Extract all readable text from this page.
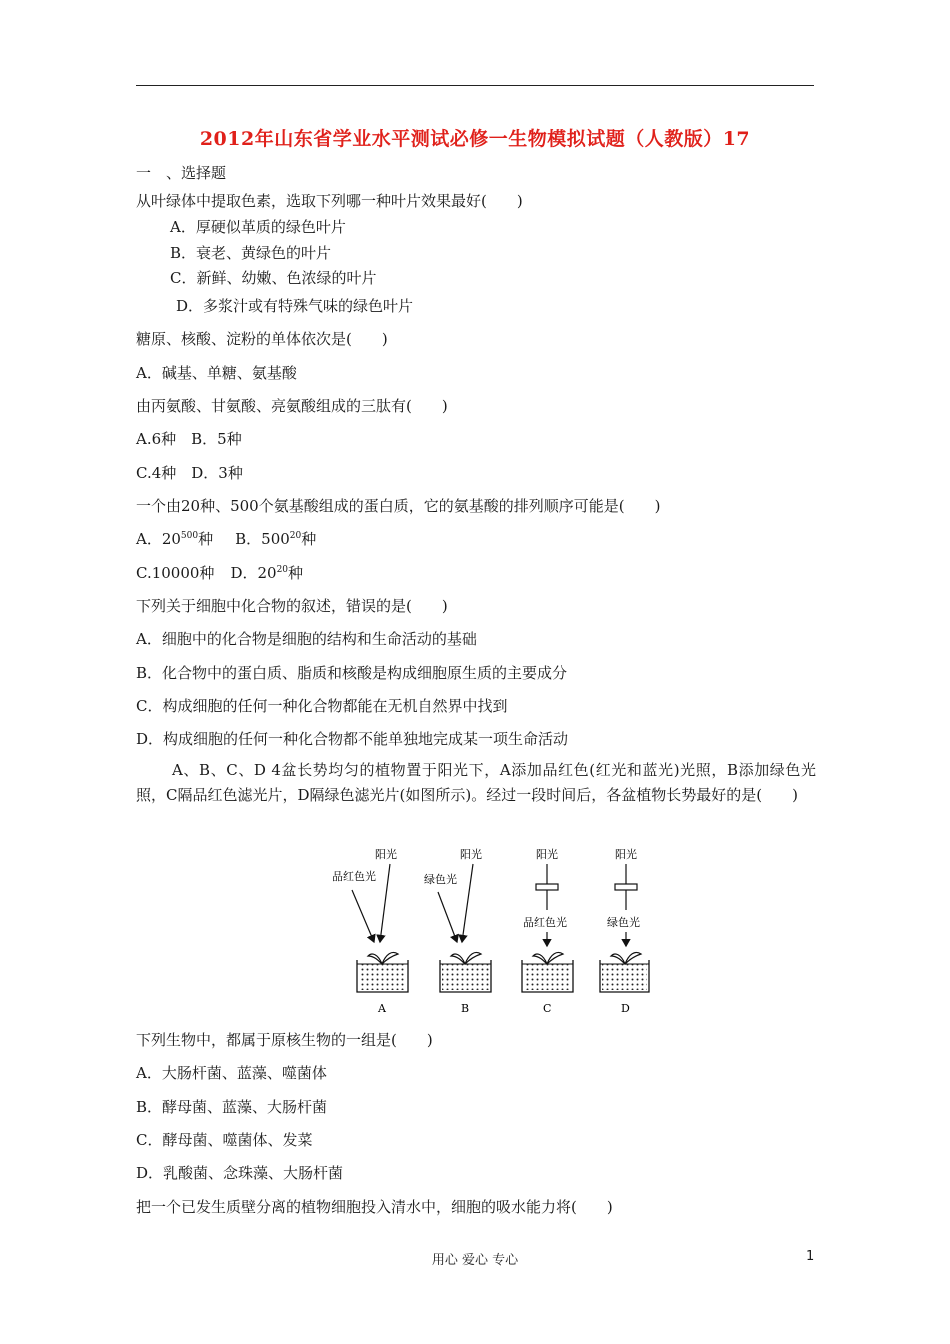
2012年山东省学业水平测试必修一生物模拟试题（人教版）17
一　、选择题
从叶绿体中提取色素，选取下列哪一种叶片效果最好(　　)
A．厚硬似革质的绿色叶片
B．衰老、黄绿色的叶片
C．新鲜、幼嫩、色浓绿的叶片
D．多浆汁或有特殊气味的绿色叶片
糖原、核酸、淀粉的单体依次是(　　)
A．碱基、单糖、氨基酸
由丙氨酸、甘氨酸、亮氨酸组成的三肽有(　　)
A.6种　B．5种
C.4种　D．3种
一个由20种、500个氨基酸组成的蛋白质，它的氨基酸的排列顺序可能是(　　)
A．$20^{500}$种 B．$500^{20}$种
C.10000种 D．$20^{20}$种
下列关于细胞中化合物的叙述，错误的是(　　)
A．细胞中的化合物是细胞的结构和生命活动的基础
B．化合物中的蛋白质、脂质和核酸是构成细胞原生质的主要成分
C．构成细胞的任何一种化合物都能在无机自然界中找到
D．构成细胞的任何一种化合物都不能单独地完成某一项生命活动
A、B、C、D 4盆长势均匀的植物置于阳光下，A添加品红色(红光和蓝光)光照，B添加绿色光照，C隔品红色滤光片，D隔绿色滤光片(如图所示)。经过一段时间后，各盆植物长势最好的是(　　)
阳光
品红色光
A
阳光
绿色光
B
阳光
品红色光
C
阳光
绿色光
D
下列生物中，都属于原核生物的一组是(　　)
A．大肠杆菌、蓝藻、噬菌体
B．酵母菌、蓝藻、大肠杆菌
C．酵母菌、噬菌体、发菜
D．乳酸菌、念珠藻、大肠杆菌
把一个已发生质壁分离的植物细胞投入清水中，细胞的吸水能力将(　　)
用心 爱心 专心	1
